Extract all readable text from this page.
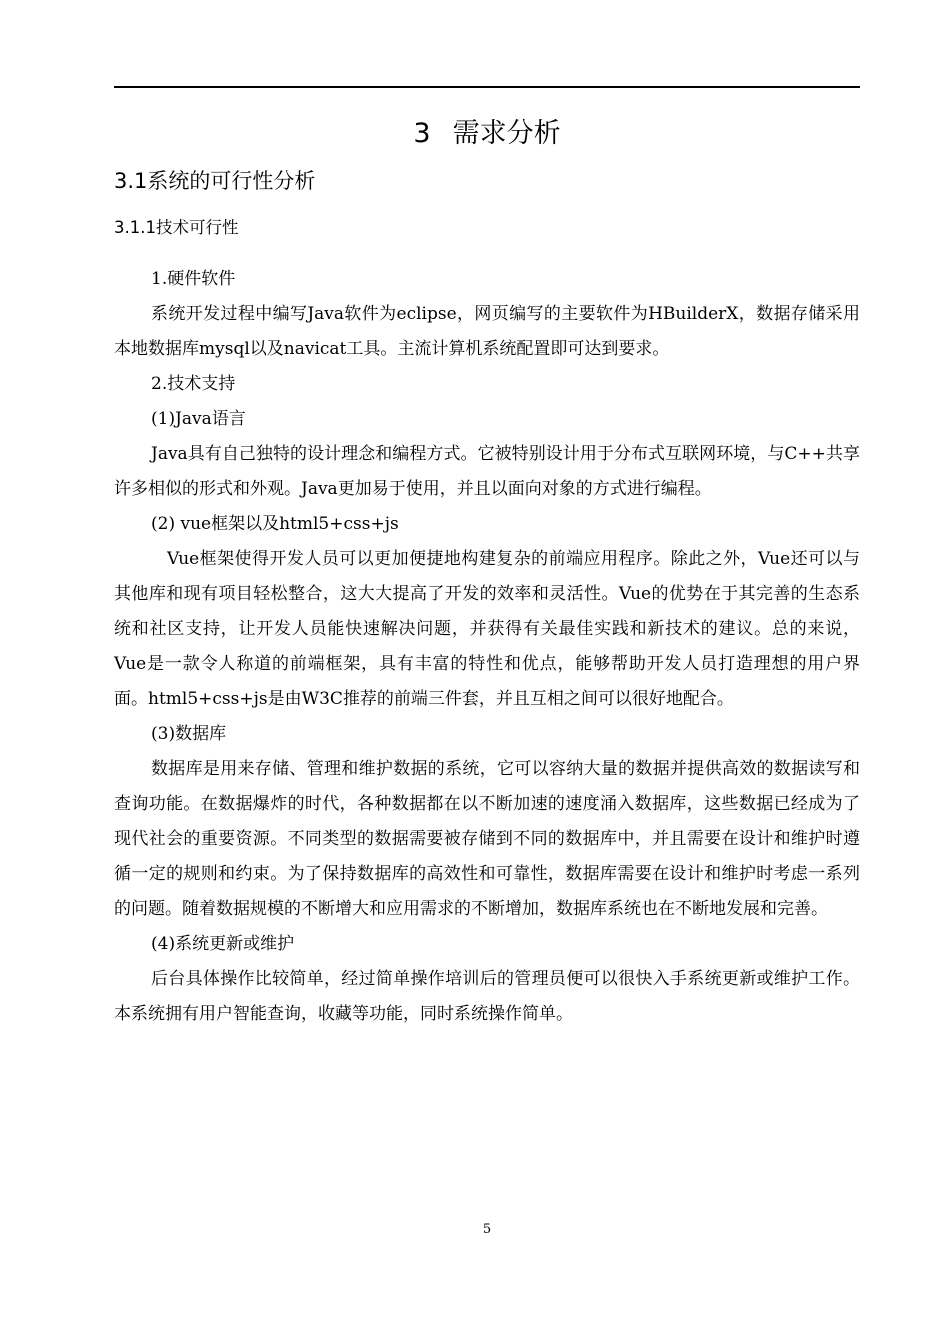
3 需求分析
3.1系统的可行性分析
3.1.1技术可行性

1.硬件软件

系统开发过程中编写Java软件为eclipse，网页编写的主要软件为HBuilderX，数据存储采用本地数据库mysql以及navicat工具。主流计算机系统配置即可达到要求。

2.技术支持

(1)Java语言

Java具有自己独特的设计理念和编程方式。它被特别设计用于分布式互联网环境，与C++共享许多相似的形式和外观。Java更加易于使用，并且以面向对象的方式进行编程。

(2) vue框架以及html5+css+js

Vue框架使得开发人员可以更加便捷地构建复杂的前端应用程序。除此之外，Vue还可以与其他库和现有项目轻松整合，这大大提高了开发的效率和灵活性。Vue的优势在于其完善的生态系统和社区支持，让开发人员能快速解决问题，并获得有关最佳实践和新技术的建议。总的来说，Vue是一款令人称道的前端框架，具有丰富的特性和优点，能够帮助开发人员打造理想的用户界面。html5+css+js是由W3C推荐的前端三件套，并且互相之间可以很好地配合。

(3)数据库

数据库是用来存储、管理和维护数据的系统，它可以容纳大量的数据并提供高效的数据读写和查询功能。在数据爆炸的时代，各种数据都在以不断加速的速度涌入数据库，这些数据已经成为了现代社会的重要资源。不同类型的数据需要被存储到不同的数据库中，并且需要在设计和维护时遵循一定的规则和约束。为了保持数据库的高效性和可靠性，数据库需要在设计和维护时考虑一系列的问题。随着数据规模的不断增大和应用需求的不断增加，数据库系统也在不断地发展和完善。

(4)系统更新或维护

后台具体操作比较简单，经过简单操作培训后的管理员便可以很快入手系统更新或维护工作。本系统拥有用户智能查询，收藏等功能，同时系统操作简单。

5
